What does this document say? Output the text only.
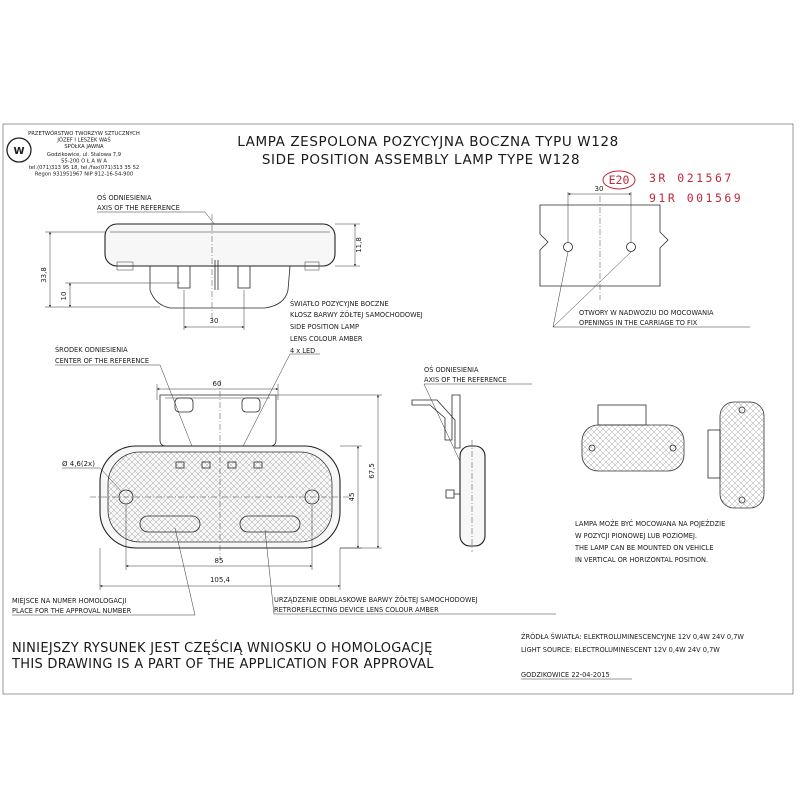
W
PRZETWÓRSTWO TWORZYW SZTUCZNYCH
JÓZEF I LESZEK WAŚ
SPÓŁKA JAWNA
Godzikowice, ul. Stalowa 7,9
55-200 O Ł A W A
tel.(071)313 95 18, tel./fax(071)313 35 52
Regon 931951967 NIP 912-16-54-900
LAMPA ZESPOLONA POZYCYJNA BOCZNA TYPU W128
SIDE POSITION ASSEMBLY LAMP TYPE W128
E20 3R 021567
91R 001569
OŚ ODNIESIENIA
AXIS OF THE REFERENCE
33,8
10
30
11,8
ŚWIATŁO POZYCYJNE BOCZNE
KLOSZ BARWY ŻÓŁTEJ SAMOCHODOWEJ
SIDE POSITION LAMP
LENS COLOUR AMBER
4 x LED
ŚRODEK ODNIESIENIA
CENTER OF THE REFERENCE
30
OTWORY W NADWOZIU DO MOCOWANIA
OPENINGS IN THE CARRIAGE TO FIX
60
Ø 4,6(2x)
85
105,4
45
67,5
MIEJSCE NA NUMER HOMOLOGACJI
PLACE FOR THE APPROVAL NUMBER
URZĄDZENIE ODBLASKOWE BARWY ŻÓŁTEJ SAMOCHODOWEJ
RETROREFLECTING DEVICE LENS COLOUR AMBER
OŚ ODNIESIENIA
AXIS OF THE REFERENCE
LAMPA MOŻE BYĆ MOCOWANA NA POJEŹDZIE
W POZYCJI PIONOWEJ LUB POZIOMEJ.
THE LAMP CAN BE MOUNTED ON VEHICLE
IN VERTICAL OR HORIZONTAL POSITION.
NINIEJSZY RYSUNEK JEST CZĘŚCIĄ WNIOSKU O HOMOLOGACJĘ
THIS DRAWING IS A PART OF THE APPLICATION FOR APPROVAL
ŹRÓDŁA ŚWIATŁA: ELEKTROLUMINESCENCYJNE 12V 0,4W 24V 0,7W
LIGHT SOURCE: ELECTROLUMINESCENT 12V 0,4W 24V 0,7W
GODZIKOWICE 22-04-2015
